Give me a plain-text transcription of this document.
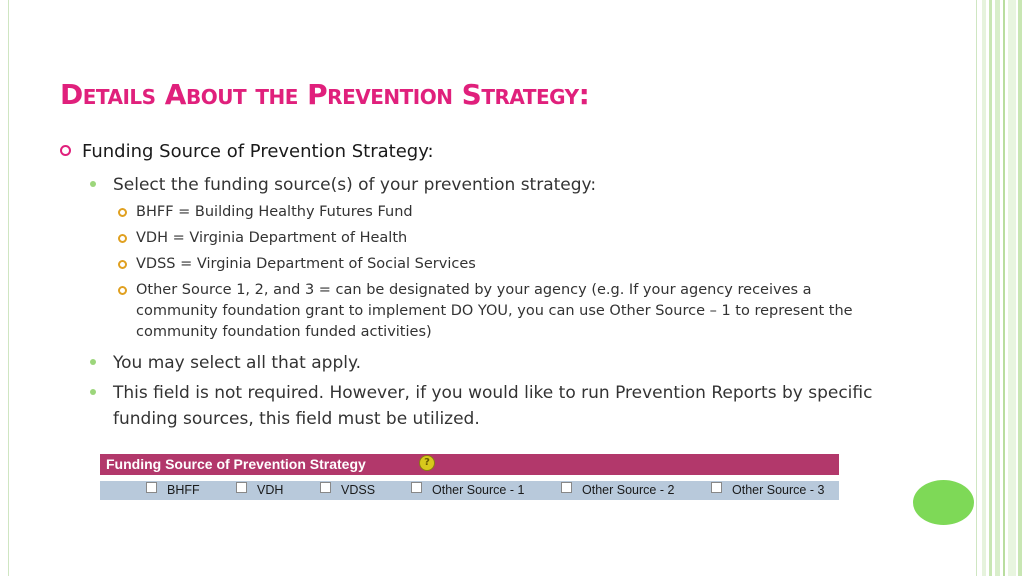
Details About the Prevention Strategy:
Funding Source of Prevention Strategy:
Select the funding source(s) of your prevention strategy:
BHFF = Building Healthy Futures Fund
VDH = Virginia Department of Health
VDSS = Virginia Department of Social Services
Other Source 1, 2, and 3 = can be designated by your agency (e.g. If your agency receives a community foundation grant to implement DO YOU, you can use Other Source – 1 to represent the community foundation funded activities)
You may select all that apply.
This field is not required. However, if you would like to run Prevention Reports by specific funding sources, this field must be utilized.
Funding Source of Prevention Strategy	?
BHFF	VDH	VDSS	Other Source - 1	Other Source - 2	Other Source - 3
